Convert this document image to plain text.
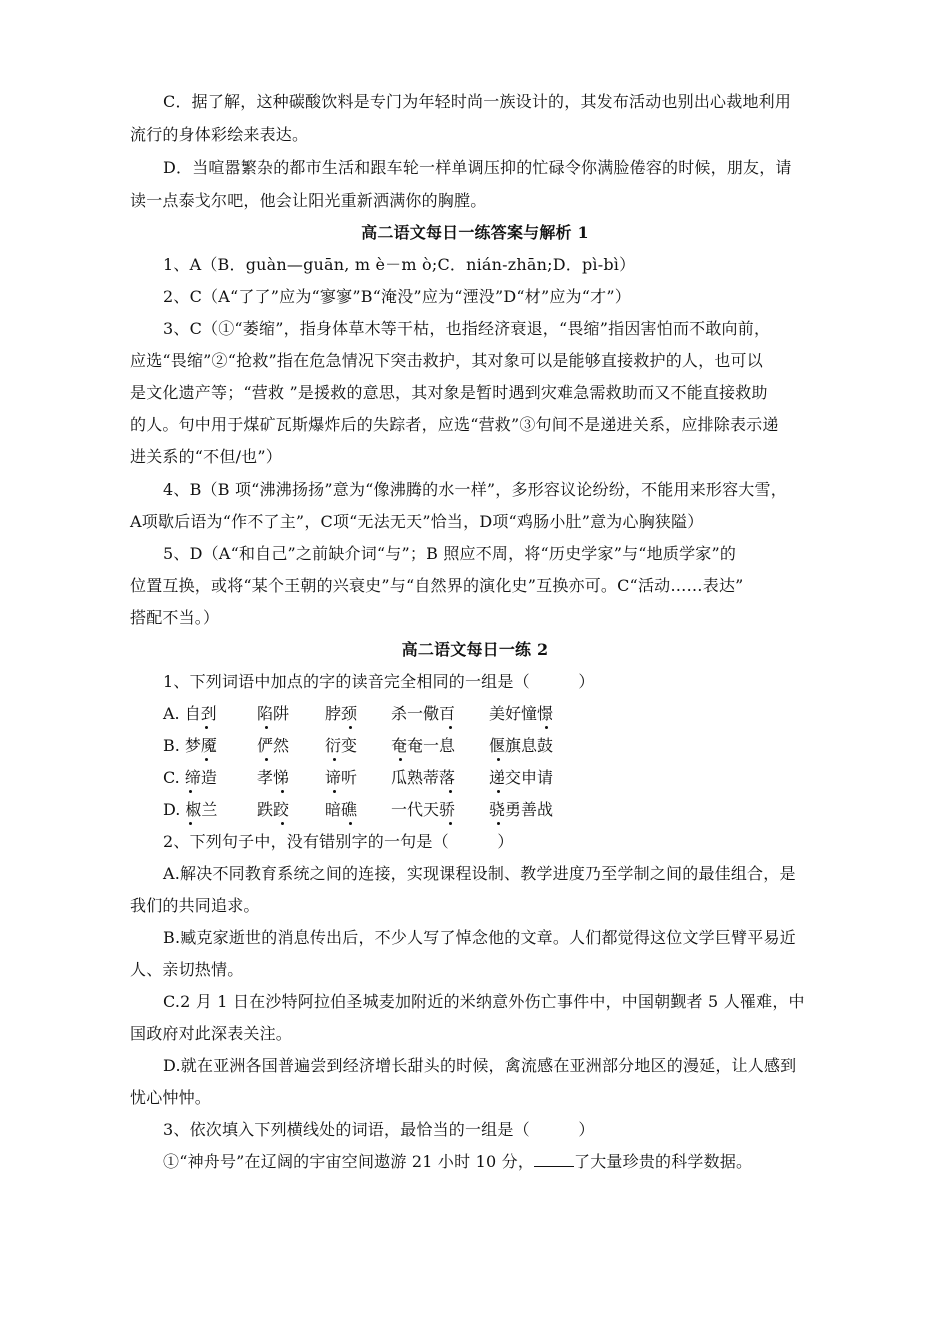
C．据了解，这种碳酸饮料是专门为年轻时尚一族设计的，其发布活动也别出心裁地利用
流行的身体彩绘来表达。
D．当喧嚣繁杂的都市生活和跟车轮一样单调压抑的忙碌令你满脸倦容的时候，朋友，请
读一点泰戈尔吧，他会让阳光重新洒满你的胸膛。
高二语文每日一练答案与解析 1
1、A（B．guàn—guān, m è－m ò;C．nián-zhān;D．pì-bì）
2、C（A“了了”应为“寥寥”B“淹没”应为“湮没”D“材”应为“才”）
3、C（①“萎缩”，指身体草木等干枯，也指经济衰退，“畏缩”指因害怕而不敢向前，
应选“畏缩”②“抢救”指在危急情况下突击救护，其对象可以是能够直接救护的人，也可以
是文化遗产等；“营救 ”是援救的意思，其对象是暂时遇到灾难急需救助而又不能直接救助
的人。句中用于煤矿瓦斯爆炸后的失踪者，应选“营救”③句间不是递进关系，应排除表示递
进关系的“不但/也”）
4、B（B 项“沸沸扬扬”意为“像沸腾的水一样”，多形容议论纷纷，不能用来形容大雪，
A项歇后语为“作不了主”，C项“无法无天”恰当，D项“鸡肠小肚”意为心胸狭隘）
5、D（A“和自己”之前缺介词“与”；B 照应不周，将“历史学家”与“地质学家”的
位置互换，或将“某个王朝的兴衰史”与“自然界的演化史”互换亦可。C“活动……表达”
搭配不当。）
高二语文每日一练 2
1、下列词语中加点的字的读音完全相同的一组是（　　　）
A. 自刭	陷阱 脖颈 杀一儆百 美好憧憬
B. 梦魇	俨然 衍变 奄奄一息 偃旗息鼓
C. 缔造	孝悌 谛听 瓜熟蒂落 递交申请
D. 椒兰 跌跤 暗礁 一代天骄 骁勇善战
2、下列句子中，没有错别字的一句是（　　　）
A.解决不同教育系统之间的连接，实现课程设制、教学进度乃至学制之间的最佳组合，是
我们的共同追求。
B.臧克家逝世的消息传出后，不少人写了悼念他的文章。人们都觉得这位文学巨臂平易近
人、亲切热情。
C.2 月 1 日在沙特阿拉伯圣城麦加附近的米纳意外伤亡事件中，中国朝觐者 5 人罹难，中
国政府对此深表关注。
D.就在亚洲各国普遍尝到经济增长甜头的时候，禽流感在亚洲部分地区的漫延，让人感到
忧心忡忡。
3、依次填入下列横线处的词语，最恰当的一组是（　　　）
①“神舟号”在辽阔的宇宙空间遨游 21 小时 10 分，	了大量珍贵的科学数据。
